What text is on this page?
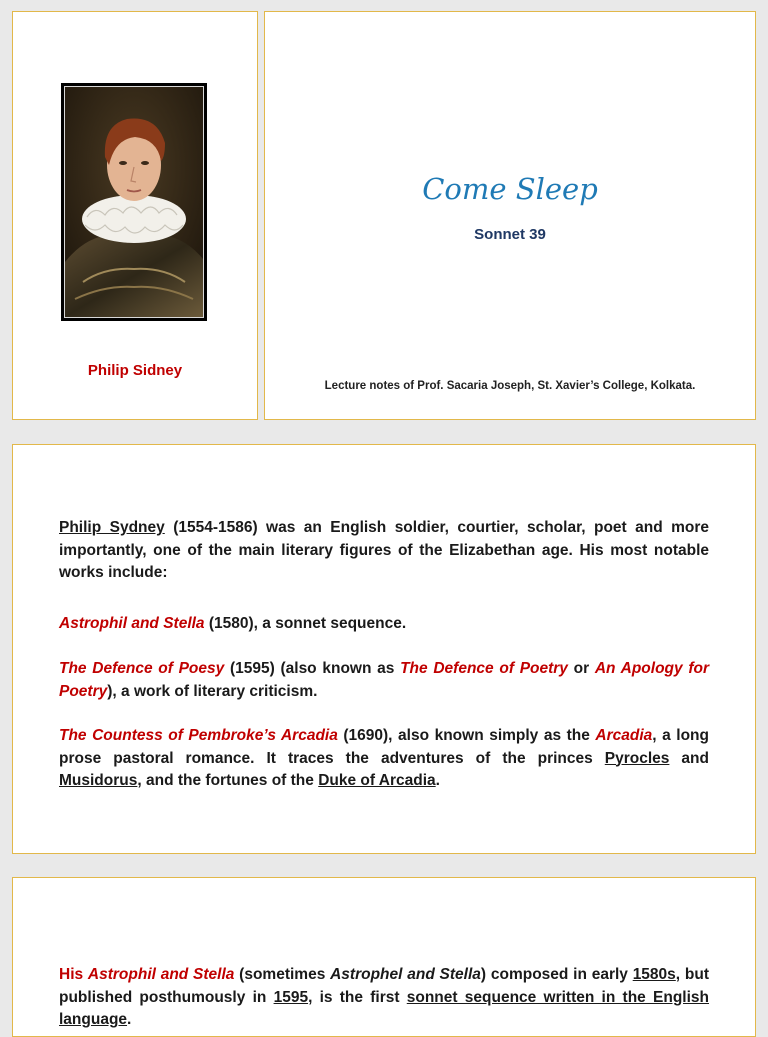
Philip Sidney
Come Sleep
Sonnet 39
Lecture notes of Prof. Sacaria Joseph, St. Xavier’s College, Kolkata.

Philip Sydney (1554-1586) was an English soldier, courtier, scholar, poet and more importantly, one of the main literary figures of the Elizabethan age. His most notable works include:

Astrophil and Stella (1580), a sonnet sequence.

The Defence of Poesy (1595) (also known as The Defence of Poetry or An Apology for Poetry), a work of literary criticism.

The Countess of Pembroke’s Arcadia (1690), also known simply as the Arcadia, a long prose pastoral romance. It traces the adventures of the princes Pyrocles and Musidorus, and the fortunes of the Duke of Arcadia.

His Astrophil and Stella (sometimes Astrophel and Stella) composed in early 1580s, but published posthumously in 1595, is the first sonnet sequence written in the English language.
